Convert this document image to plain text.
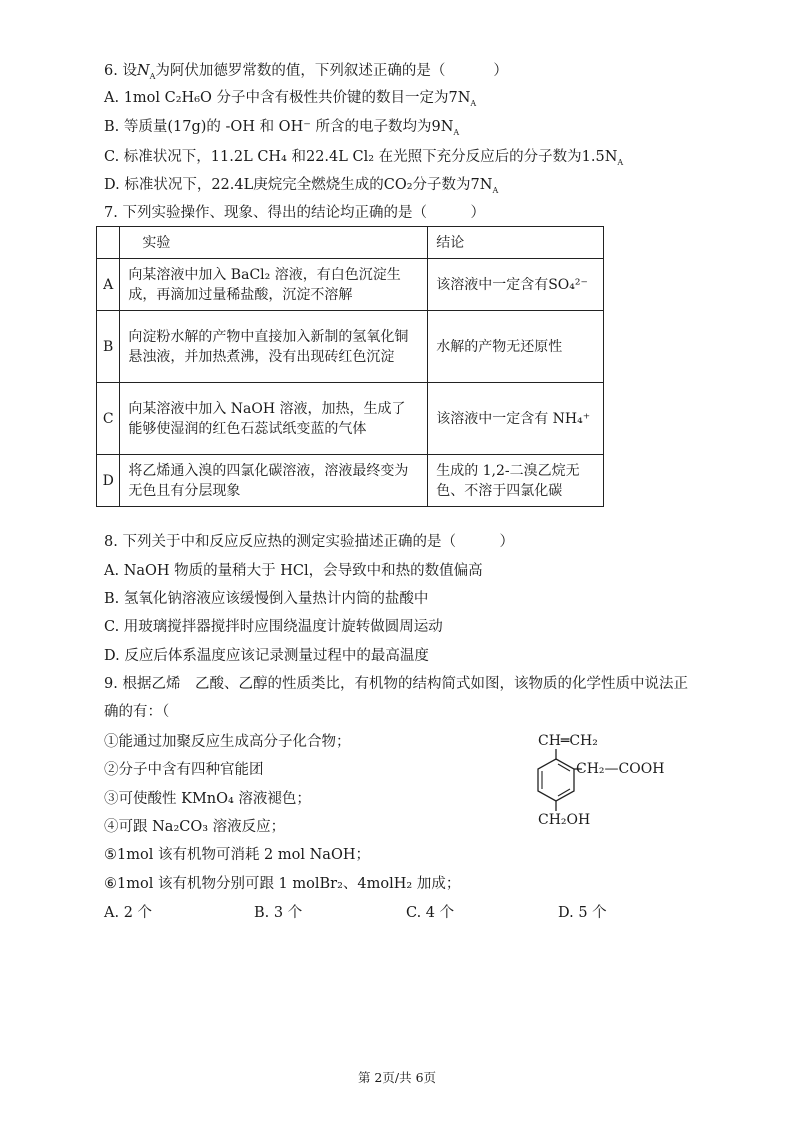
6. 设$N_A$为阿伏加德罗常数的值，下列叙述正确的是（	）
A. 1mol C₂H₆O 分子中含有极性共价键的数目一定为$7N_A$
B. 等质量(17g)的 -OH 和 OH⁻ 所含的电子数均为$9N_A$
C. 标准状况下，11.2L CH₄ 和22.4L Cl₂ 在光照下充分反应后的分子数为$1.5N_A$
D. 标准状况下，22.4L庚烷完全燃烧生成的CO₂分子数为$7N_A$
7. 下列实验操作、现象、得出的结论均正确的是（　　　）
	实验	结论
A	向某溶液中加入 BaCl₂ 溶液，有白色沉淀生成，再滴加过量稀盐酸，沉淀不溶解	该溶液中一定含有SO₄²⁻
B	向淀粉水解的产物中直接加入新制的氢氧化铜悬浊液，并加热煮沸，没有出现砖红色沉淀	水解的产物无还原性
C	向某溶液中加入 NaOH 溶液，加热，生成了能够使湿润的红色石蕊试纸变蓝的气体	该溶液中一定含有 NH₄⁺
D	将乙烯通入溴的四氯化碳溶液，溶液最终变为无色且有分层现象	生成的 1,2-二溴乙烷无色、不溶于四氯化碳
8. 下列关于中和反应反应热的测定实验描述正确的是（　　　）
A. NaOH 物质的量稍大于 HCl，会导致中和热的数值偏高
B. 氢氧化钠溶液应该缓慢倒入量热计内筒的盐酸中
C. 用玻璃搅拌器搅拌时应围绕温度计旋转做圆周运动
D. 反应后体系温度应该记录测量过程中的最高温度
9. 根据乙烯　乙酸、乙醇的性质类比，有机物的结构简式如图，该物质的化学性质中说法正
确的有：（
①能通过加聚反应生成高分子化合物；
②分子中含有四种官能团
③可使酸性 KMnO₄ 溶液褪色；
④可跟 Na₂CO₃ 溶液反应；
⑤1mol 该有机物可消耗 2 mol NaOH；
⑥1mol 该有机物分别可跟 1 molBr₂、4molH₂ 加成；
CH═CH₂
CH₂—COOH
CH₂OH
A. 2 个	B. 3 个	C. 4 个	D. 5 个
第 2页/共 6页
